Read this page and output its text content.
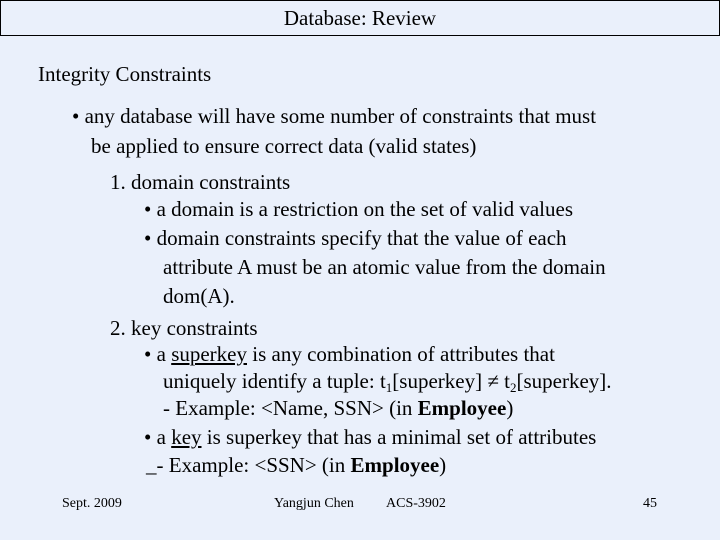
Database: Review
Integrity Constraints
• any database will have some number of constraints that must
be applied to ensure correct data (valid states)
1. domain constraints
• a domain is a restriction on the set of valid values
• domain constraints specify that the value of each
attribute A must be an atomic value from the domain
dom(A).
2. key constraints
• a superkey is any combination of attributes that
uniquely identify a tuple: $t_1[superkey]$ ≠ $t_2[superkey]$.
- Example: <Name, SSN> (in Employee)
• a key is superkey that has a minimal set of attributes
_- Example: <SSN> (in Employee)
Sept. 2009	Yangjun Chen ACS-3902	45
